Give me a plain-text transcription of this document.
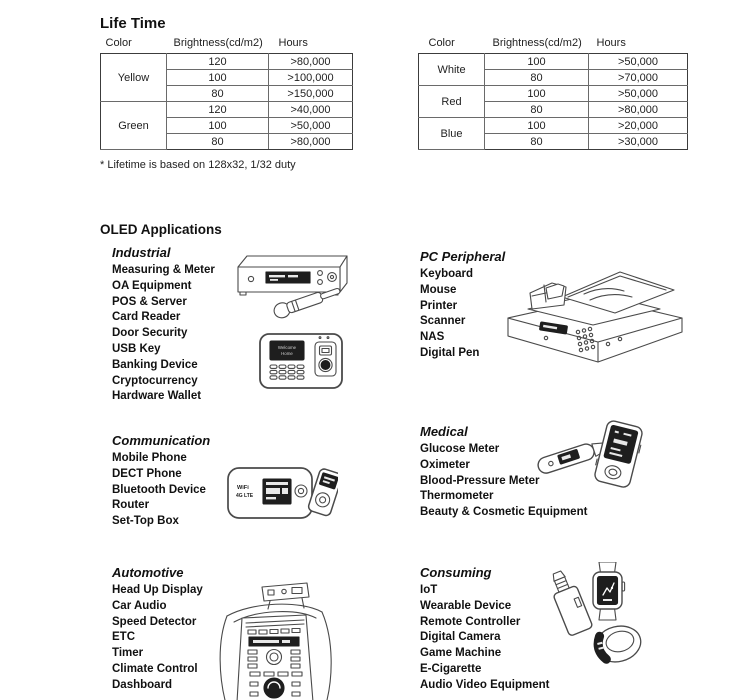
Life Time
Color	Brightness(cd/m2)	Hours
Yellow	120	>80,000
	100	>100,000
	80	>150,000
Green	120	>40,000
	100	>50,000
	80	>80,000
Color	Brightness(cd/m2)	Hours
White	100	>50,000
	80	>70,000
Red	100	>50,000
	80	>80,000
Blue	100	>20,000
	80	>30,000
* Lifetime is based on 128x32, 1/32 duty
OLED Applications
Industrial
Measuring & Meter
OA Equipment
POS & Server
Card Reader
Door Security
USB Key
Banking Device
Cryptocurrency
Hardware Wallet
PC Peripheral
Keyboard
Mouse
Printer
Scanner
NAS
Digital Pen
Communication
Mobile Phone
DECT Phone
Bluetooth Device
Router
Set-Top Box
Medical
Glucose Meter
Oximeter
Blood-Pressure Meter
Thermometer
Beauty & Cosmetic Equipment
Automotive
Head Up Display
Car Audio
Speed Detector
ETC
Timer
Climate Control
Dashboard
Consuming
IoT
Wearable Device
Remote Controller
Digital Camera
Game Machine
E-Cigarette
Audio Video Equipment
Welcome
Home
WiFi
4G LTE
